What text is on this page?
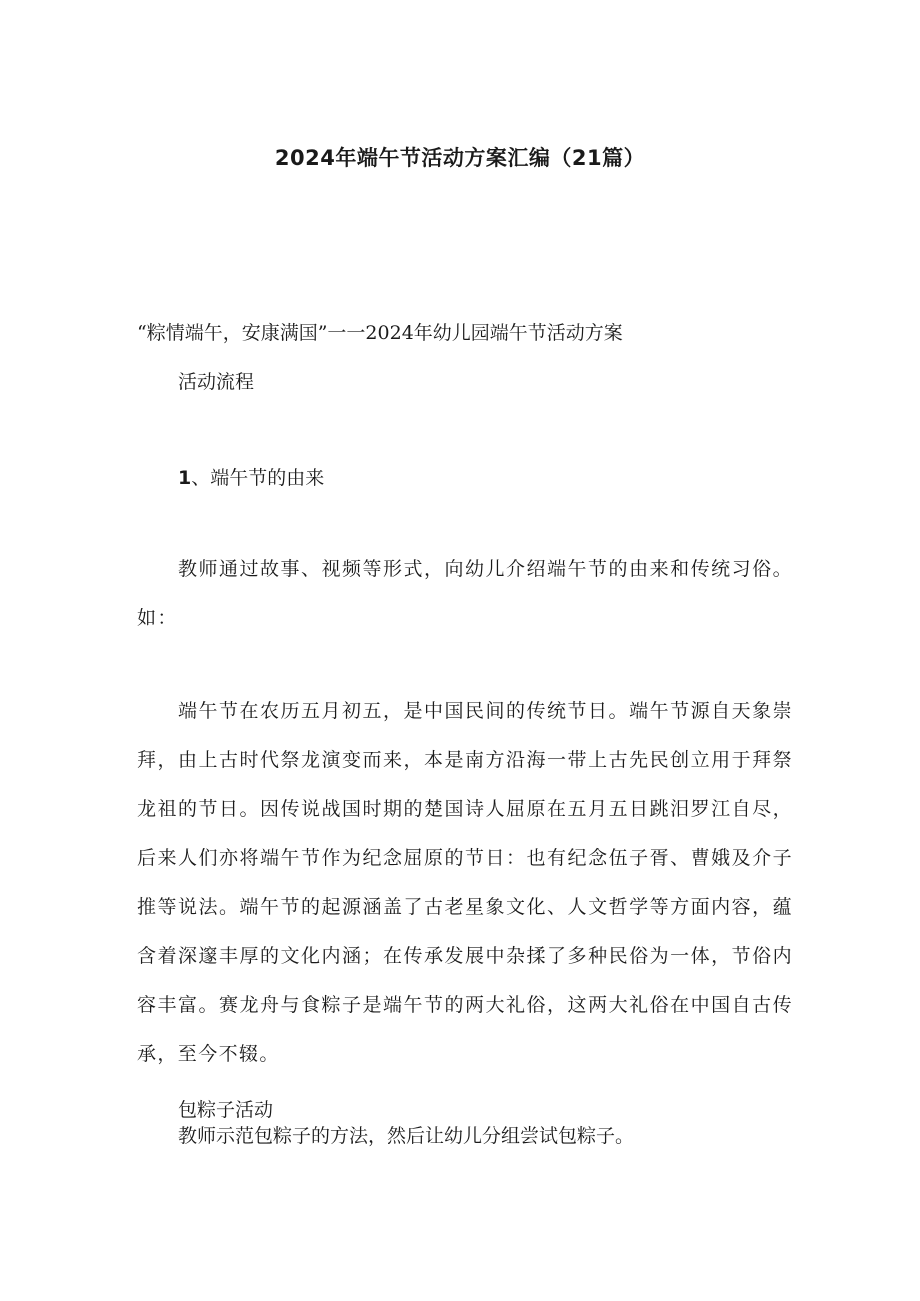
2024年端午节活动方案汇编（21篇）
“粽情端午，安康满国”一一2024年幼儿园端午节活动方案
活动流程
1、端午节的由来
教师通过故事、视频等形式，向幼儿介绍端午节的由来和传统习俗。如：
端午节在农历五月初五，是中国民间的传统节日。端午节源自天象崇拜，由上古时代祭龙演变而来，本是南方沿海一带上古先民创立用于拜祭龙祖的节日。因传说战国时期的楚国诗人屈原在五月五日跳汨罗江自尽，后来人们亦将端午节作为纪念屈原的节日：也有纪念伍子胥、曹娥及介子推等说法。端午节的起源涵盖了古老星象文化、人文哲学等方面内容，蕴含着深邃丰厚的文化内涵；在传承发展中杂揉了多种民俗为一体，节俗内容丰富。赛龙舟与食粽子是端午节的两大礼俗，这两大礼俗在中国自古传承，至今不辍。
包粽子活动
教师示范包粽子的方法，然后让幼儿分组尝试包粽子。
